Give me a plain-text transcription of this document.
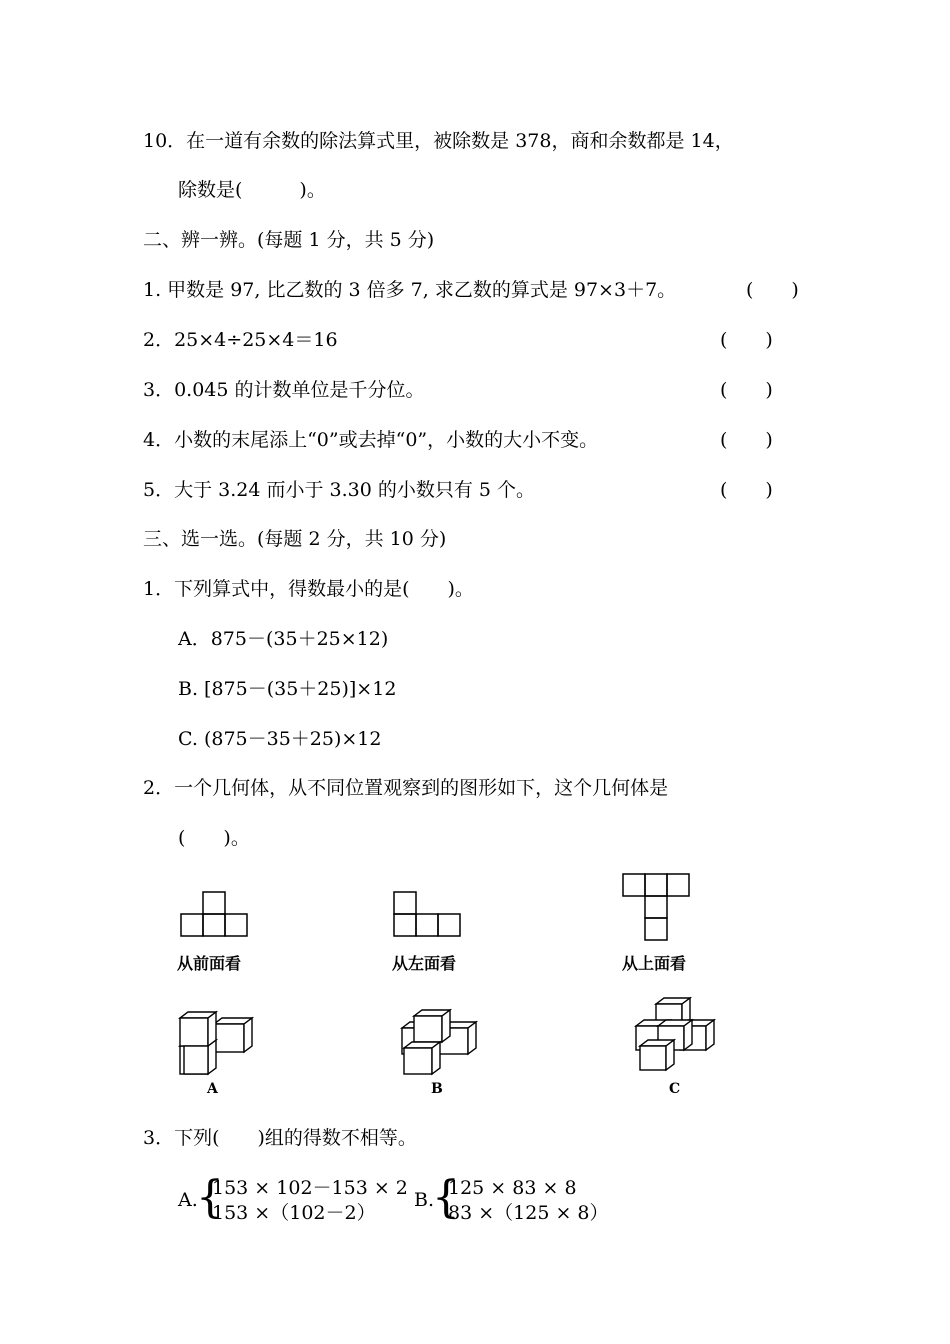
10．在一道有余数的除法算式里，被除数是 378，商和余数都是 14，
除数是(　　　)。
二、辨一辨。(每题 1 分，共 5 分)
1. 甲数是 97, 比乙数的 3 倍多 7, 求乙数的算式是 97×3＋7。	(　　)
2．25×4÷25×4＝16	(　　)
3．0.045 的计数单位是千分位。	(　　)
4．小数的末尾添上“0”或去掉“0”，小数的大小不变。	(　　)
5．大于 3.24 而小于 3.30 的小数只有 5 个。	(　　)
三、选一选。(每题 2 分，共 10 分)
1．下列算式中，得数最小的是(　　)。
A．875－(35＋25×12)
B. [875－(35＋25)]×12
C. (875－35＋25)×12
2．一个几何体，从不同位置观察到的图形如下，这个几何体是
(　　)。
从前面看	从左面看	从上面看
A	B	C
3．下列(　　)组的得数不相等。
A.
{
153 × 102－153 × 2
153 ×（102－2）
B.
{
125 × 83 × 8
83 ×（125 × 8）
